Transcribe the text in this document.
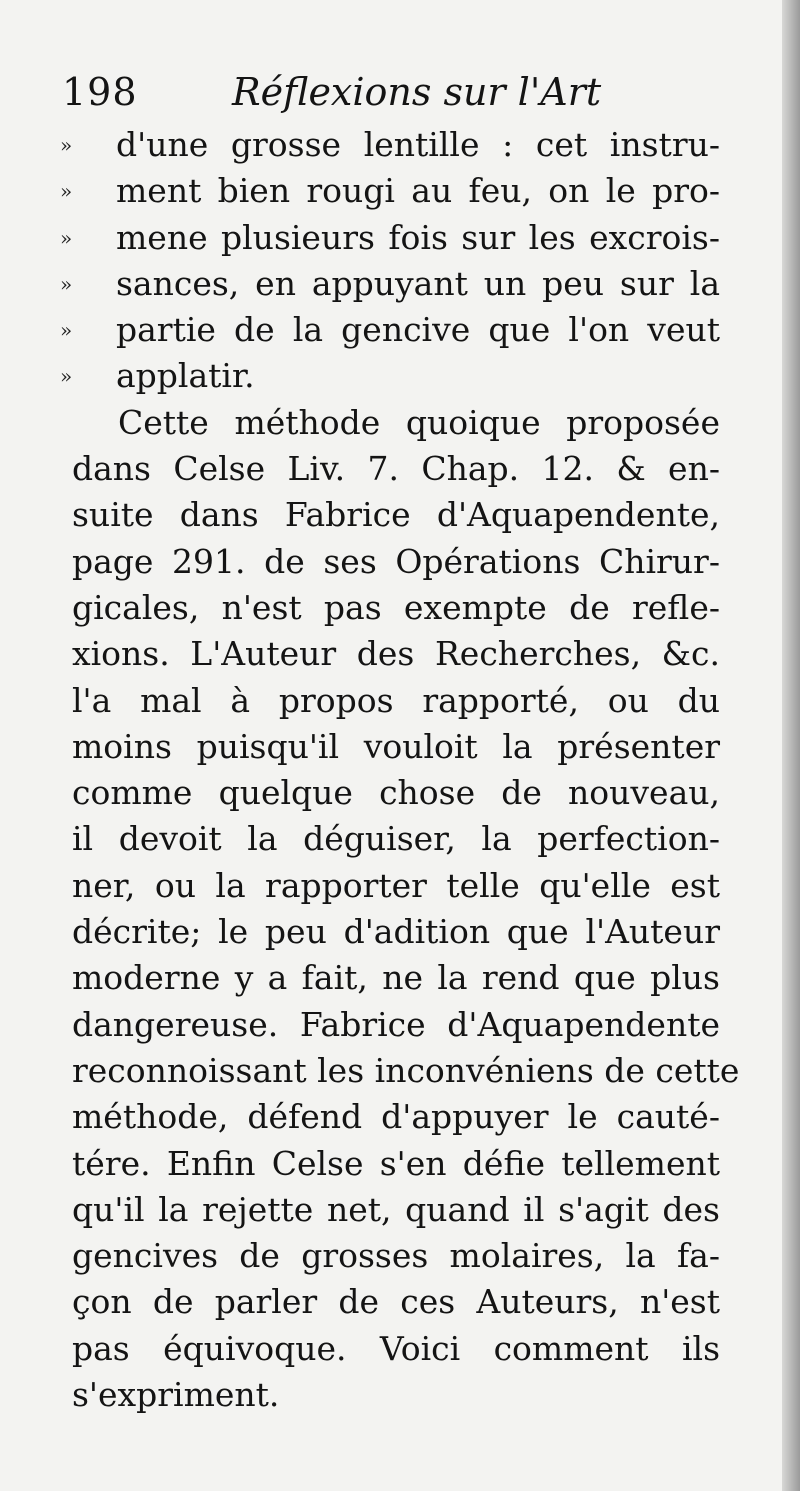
198 Réflexions sur l'Art
» d'une grosse lentille : cet instru-
» ment bien rougi au feu, on le pro-
» mene plusieurs fois sur les excrois-
» sances, en appuyant un peu sur la
» partie de la gencive que l'on veut
» applatir.
Cette méthode quoique proposée
dans Celse Liv. 7. Chap. 12. & en-
suite dans Fabrice d'Aquapendente,
page 291. de ses Opérations Chirur-
gicales, n'est pas exempte de refle-
xions. L'Auteur des Recherches, &c.
l'a mal à propos rapporté, ou du
moins puisqu'il vouloit la présenter
comme quelque chose de nouveau,
il devoit la déguiser, la perfection-
ner, ou la rapporter telle qu'elle est
décrite; le peu d'adition que l'Auteur
moderne y a fait, ne la rend que plus
dangereuse. Fabrice d'Aquapendente
reconnoissant les inconvéniens de cette
méthode, défend d'appuyer le cauté-
tére. Enfin Celse s'en défie tellement
qu'il la rejette net, quand il s'agit des
gencives de grosses molaires, la fa-
çon de parler de ces Auteurs, n'est
pas équivoque. Voici comment ils
s'expriment.
